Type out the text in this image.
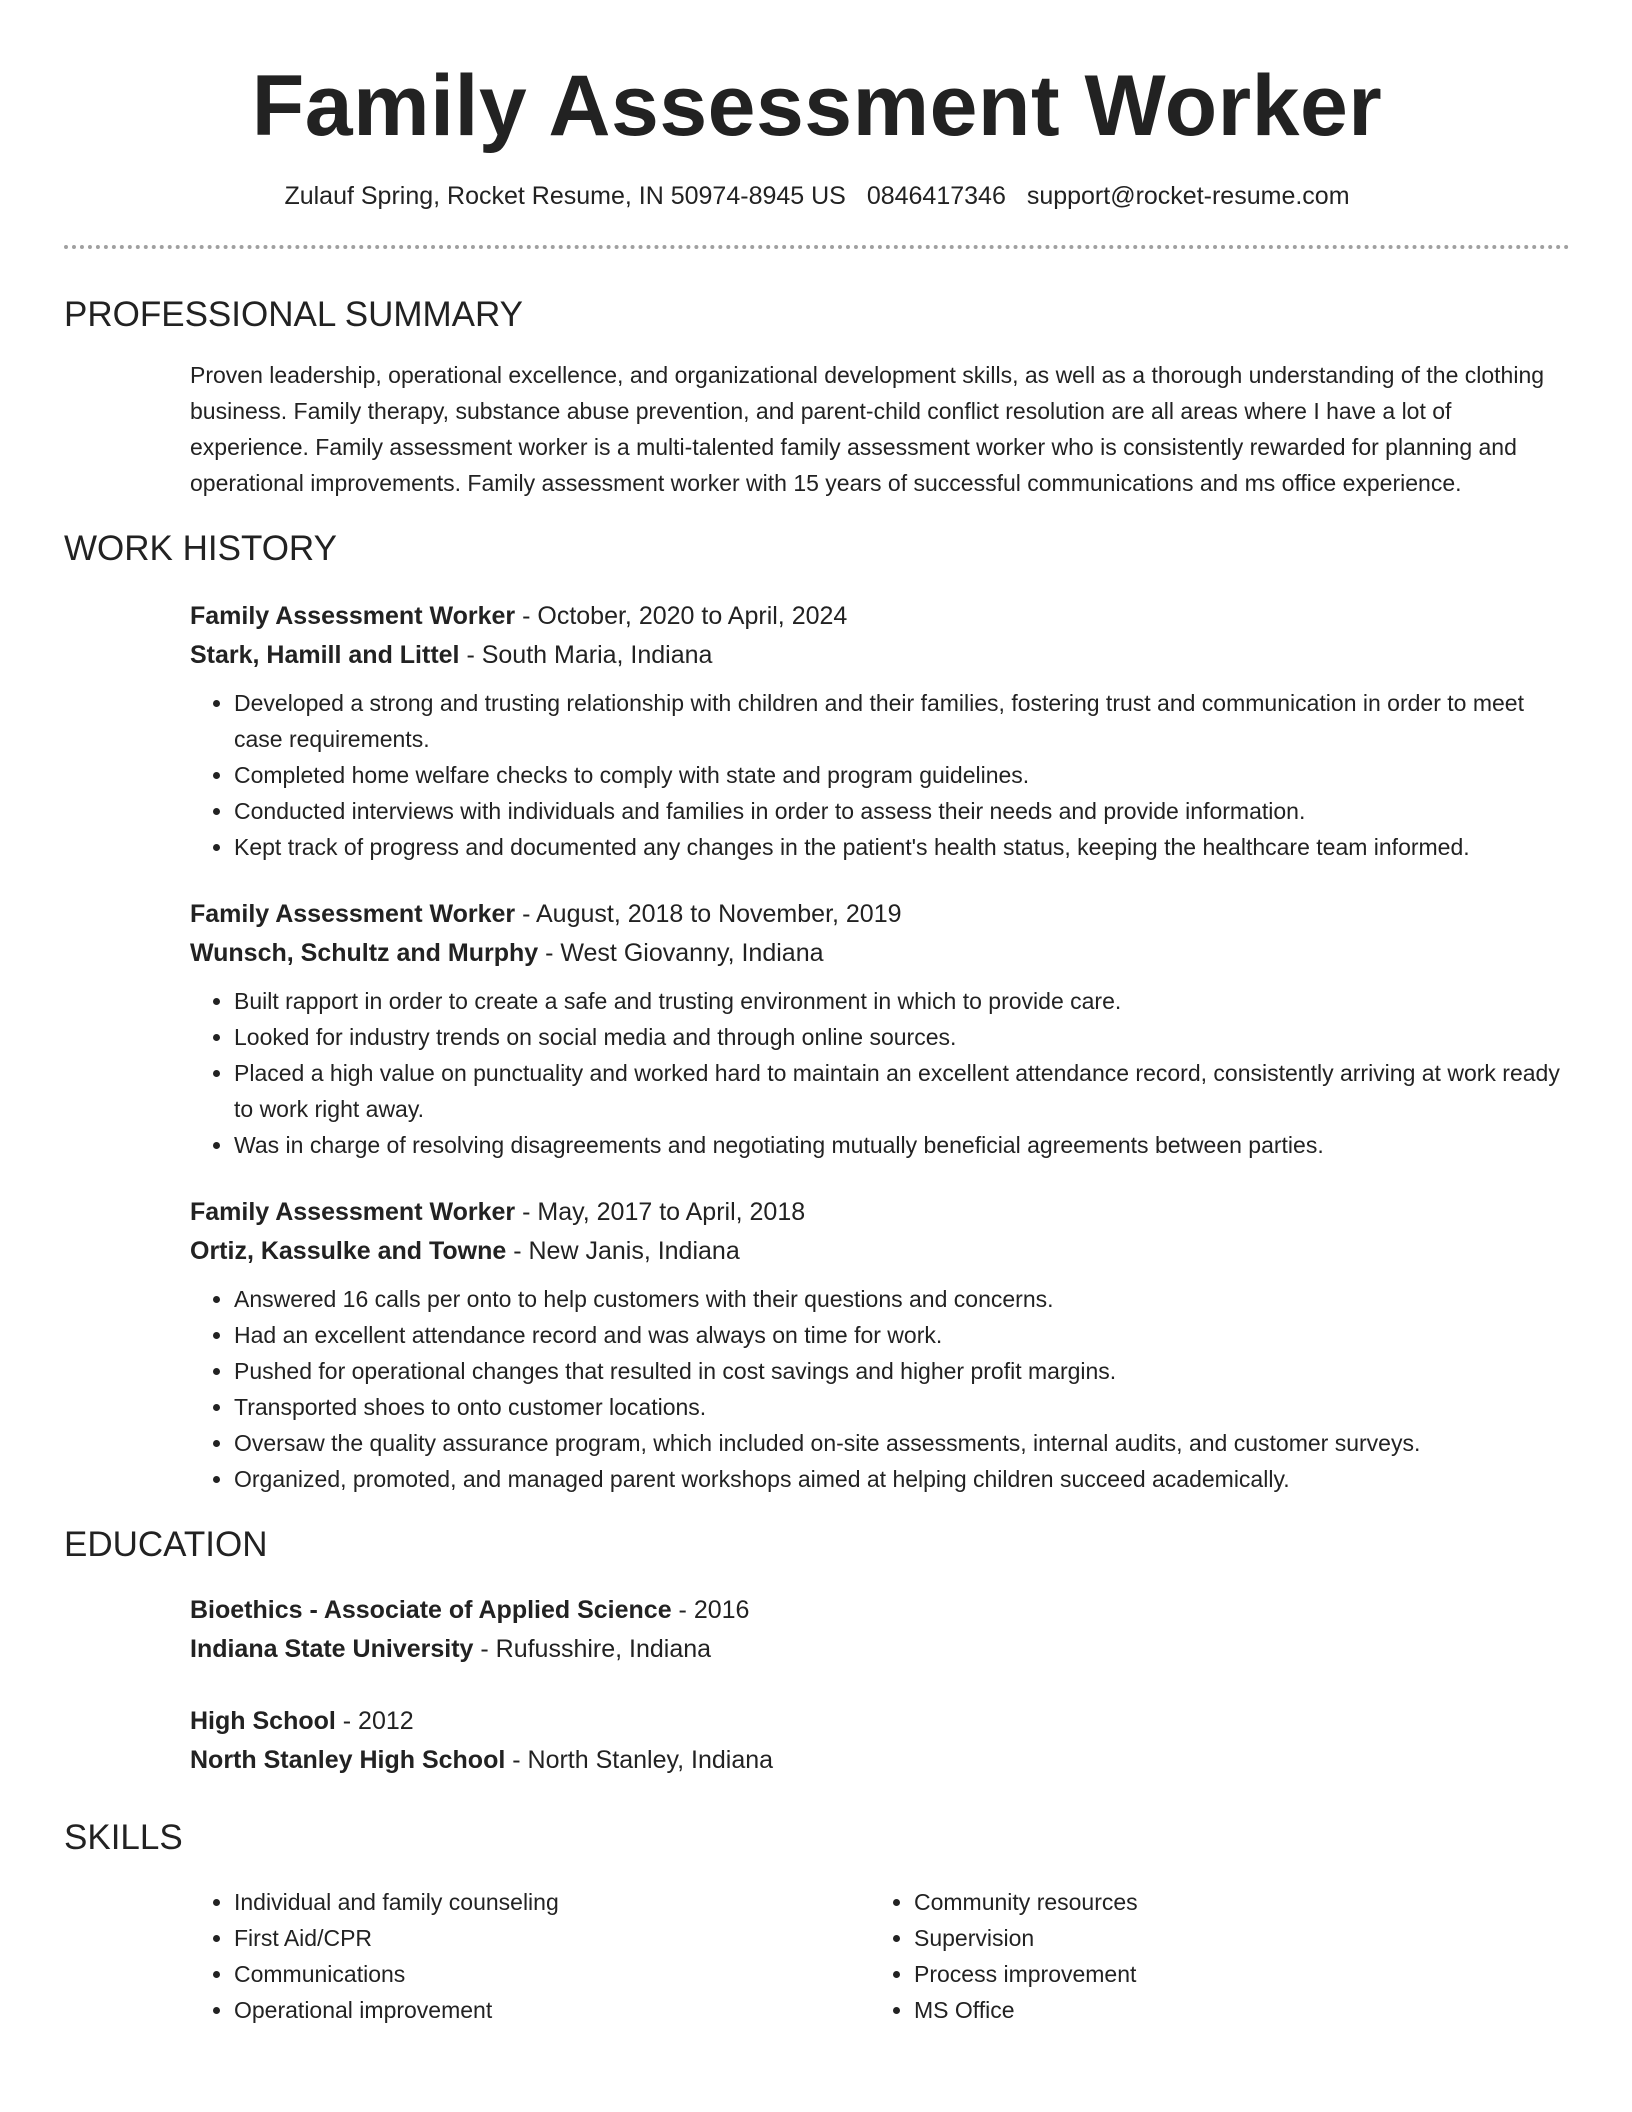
Family Assessment Worker
Zulauf Spring, Rocket Resume, IN 50974-8945 US 0846417346 support@rocket-resume.com
PROFESSIONAL SUMMARY

Proven leadership, operational excellence, and organizational development skills, as well as a thorough understanding of the clothing business. Family therapy, substance abuse prevention, and parent-child conflict resolution are all areas where I have a lot of experience. Family assessment worker is a multi-talented family assessment worker who is consistently rewarded for planning and operational improvements. Family assessment worker with 15 years of successful communications and ms office experience.

WORK HISTORY
Family Assessment Worker - October, 2020 to April, 2024
Stark, Hamill and Littel - South Maria, Indiana
• Developed a strong and trusting relationship with children and their families, fostering trust and communication in order to meet case requirements.
• Completed home welfare checks to comply with state and program guidelines.
• Conducted interviews with individuals and families in order to assess their needs and provide information.
• Kept track of progress and documented any changes in the patient's health status, keeping the healthcare team informed.
Family Assessment Worker - August, 2018 to November, 2019
Wunsch, Schultz and Murphy - West Giovanny, Indiana
• Built rapport in order to create a safe and trusting environment in which to provide care.
• Looked for industry trends on social media and through online sources.
• Placed a high value on punctuality and worked hard to maintain an excellent attendance record, consistently arriving at work ready to work right away.
• Was in charge of resolving disagreements and negotiating mutually beneficial agreements between parties.
Family Assessment Worker - May, 2017 to April, 2018
Ortiz, Kassulke and Towne - New Janis, Indiana
• Answered 16 calls per onto to help customers with their questions and concerns.
• Had an excellent attendance record and was always on time for work.
• Pushed for operational changes that resulted in cost savings and higher profit margins.
• Transported shoes to onto customer locations.
• Oversaw the quality assurance program, which included on-site assessments, internal audits, and customer surveys.
• Organized, promoted, and managed parent workshops aimed at helping children succeed academically.
EDUCATION
Bioethics - Associate of Applied Science - 2016
Indiana State University - Rufusshire, Indiana
High School - 2012
North Stanley High School - North Stanley, Indiana
SKILLS
• Individual and family counseling
• First Aid/CPR
• Communications
• Operational improvement
• Community resources
• Supervision
• Process improvement
• MS Office
